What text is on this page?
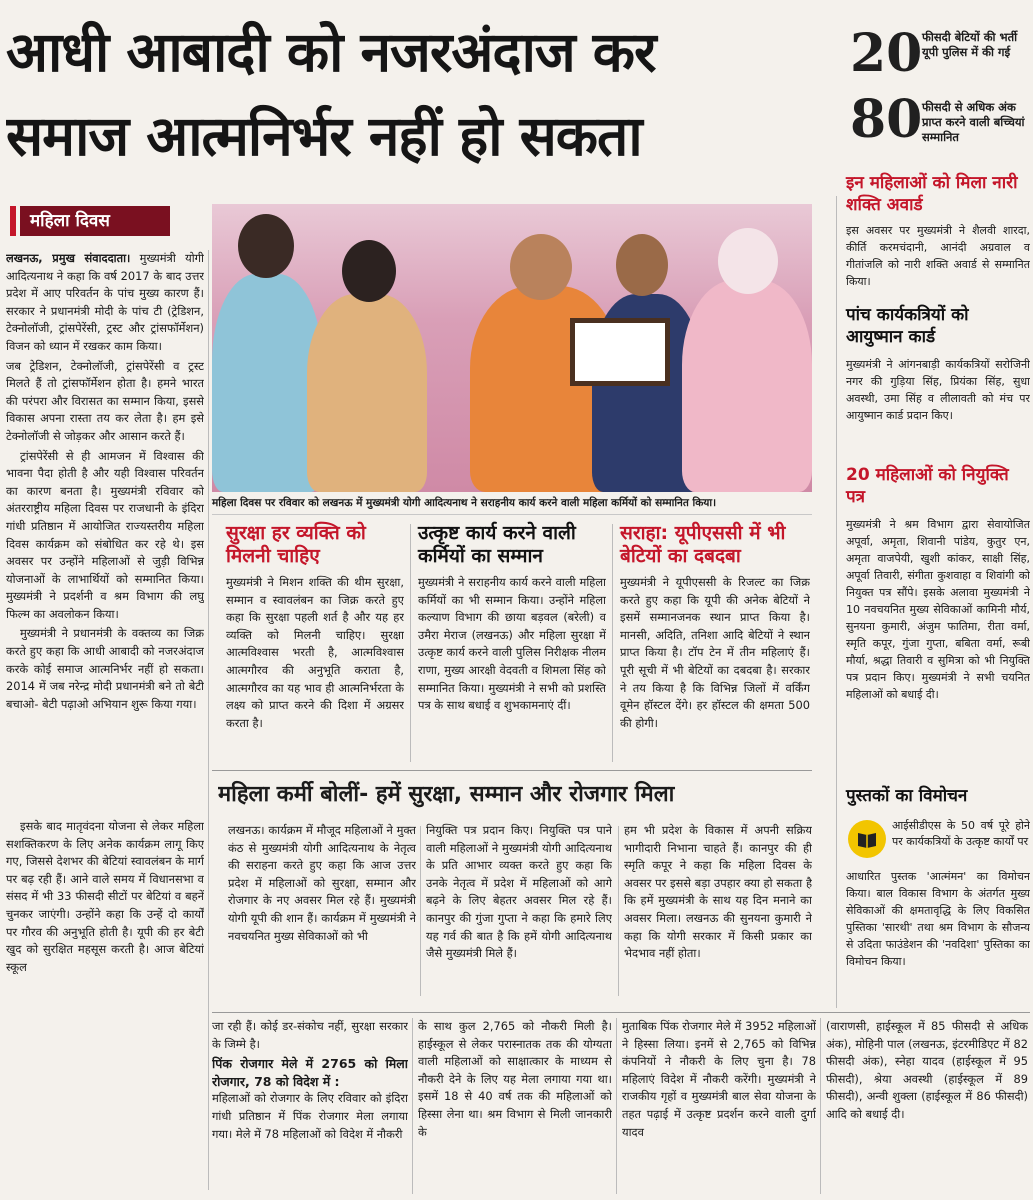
आधी आबादी को नजरअंदाज कर
समाज आत्मनिर्भर नहीं हो सकता
20 फीसदी बेटियों की भर्ती यूपी पुलिस में की गई
80 फीसदी से अधिक अंक प्राप्त करने वाली बच्चियां सम्मानित
महिला दिवस

लखनऊ, प्रमुख संवाददाता। मुख्यमंत्री योगी आदित्यनाथ ने कहा कि वर्ष 2017 के बाद उत्तर प्रदेश में आए परिवर्तन के पांच मुख्य कारण हैं। सरकार ने प्रधानमंत्री मोदी के पांच टी (ट्रेडिशन, टेक्नोलॉजी, ट्रांसपेरेंसी, ट्रस्ट और ट्रांसफॉर्मेशन) विजन को ध्यान में रखकर काम किया।

जब ट्रेडिशन, टेक्नोलॉजी, ट्रांसपेरेंसी व ट्रस्ट मिलते हैं तो ट्रांसफॉर्मेशन होता है। हमने भारत की परंपरा और विरासत का सम्मान किया, इससे विकास अपना रास्ता तय कर लेता है। हम इसे टेक्नोलॉजी से जोड़कर और आसान करते हैं।

ट्रांसपेरेंसी से ही आमजन में विश्वास की भावना पैदा होती है और यही विश्वास परिवर्तन का कारण बनता है। मुख्यमंत्री रविवार को अंतरराष्ट्रीय महिला दिवस पर राजधानी के इंदिरा गांधी प्रतिष्ठान में आयोजित राज्यस्तरीय महिला दिवस कार्यक्रम को संबोधित कर रहे थे। इस अवसर पर उन्होंने महिलाओं से जुड़ी विभिन्न योजनाओं के लाभार्थियों को सम्मानित किया। मुख्यमंत्री ने प्रदर्शनी व श्रम विभाग की लघु फिल्म का अवलोकन किया।

मुख्यमंत्री ने प्रधानमंत्री के वक्तव्य का जिक्र करते हुए कहा कि आधी आबादी को नजरअंदाज करके कोई समाज आत्मनिर्भर नहीं हो सकता। 2014 में जब नरेन्द्र मोदी प्रधानमंत्री बने तो बेटी बचाओ- बेटी पढ़ाओ अभियान शुरू किया गया।

इसके बाद मातृवंदना योजना से लेकर महिला सशक्तिकरण के लिए अनेक कार्यक्रम लागू किए गए, जिससे देशभर की बेटियां स्वावलंबन के मार्ग पर बढ़ रही हैं। आने वाले समय में विधानसभा व संसद में भी 33 फीसदी सीटों पर बेटियां व बहनें चुनकर जाएंगी। उन्होंने कहा कि उन्हें दो कार्यों पर गौरव की अनुभूति होती है। यूपी की हर बेटी खुद को सुरक्षित महसूस करती है। आज बेटियां स्कूल

महिला दिवस पर रविवार को लखनऊ में मुख्यमंत्री योगी आदित्यनाथ ने सराहनीय कार्य करने वाली महिला कर्मियों को सम्मानित किया।
सुरक्षा हर व्यक्ति को मिलनी चाहिए
मुख्यमंत्री ने मिशन शक्ति की थीम सुरक्षा, सम्मान व स्वावलंबन का जिक्र करते हुए कहा कि सुरक्षा पहली शर्त है और यह हर व्यक्ति को मिलनी चाहिए। सुरक्षा आत्मविश्वास भरती है, आत्मविश्वास आत्मगौरव की अनुभूति कराता है, आत्मगौरव का यह भाव ही आत्मनिर्भरता के लक्ष्य को प्राप्त करने की दिशा में अग्रसर करता है।
उत्कृष्ट कार्य करने वाली कर्मियों का सम्मान
मुख्यमंत्री ने सराहनीय कार्य करने वाली महिला कर्मियों का भी सम्मान किया। उन्होंने महिला कल्याण विभाग की छाया बड़वल (बरेली) व उमैरा मेराज (लखनऊ) और महिला सुरक्षा में उत्कृष्ट कार्य करने वाली पुलिस निरीक्षक नीलम राणा, मुख्य आरक्षी वेदवती व शिमला सिंह को सम्मानित किया। मुख्यमंत्री ने सभी को प्रशस्ति पत्र के साथ बधाई व शुभकामनाएं दीं।
सराहा: यूपीएससी में भी बेटियों का दबदबा
मुख्यमंत्री ने यूपीएससी के रिजल्ट का जिक्र करते हुए कहा कि यूपी की अनेक बेटियों ने इसमें सम्मानजनक स्थान प्राप्त किया है। मानसी, अदिति, तनिशा आदि बेटियों ने स्थान प्राप्त किया है। टॉप टेन में तीन महिलाएं हैं। पूरी सूची में भी बेटियों का दबदबा है। सरकार ने तय किया है कि विभिन्न जिलों में वर्किंग वूमेन हॉस्टल देंगे। हर हॉस्टल की क्षमता 500 की होगी।
महिला कर्मी बोलीं- हमें सुरक्षा, सम्मान और रोजगार मिला
लखनऊ। कार्यक्रम में मौजूद महिलाओं ने मुक्त कंठ से मुख्यमंत्री योगी आदित्यनाथ के नेतृत्व की सराहना करते हुए कहा कि आज उत्तर प्रदेश में महिलाओं को सुरक्षा, सम्मान और रोजगार के नए अवसर मिल रहे हैं। मुख्यमंत्री योगी यूपी की शान हैं। कार्यक्रम में मुख्यमंत्री ने नवचयनित मुख्य सेविकाओं को भी
नियुक्ति पत्र प्रदान किए। नियुक्ति पत्र पाने वाली महिलाओं ने मुख्यमंत्री योगी आदित्यनाथ के प्रति आभार व्यक्त करते हुए कहा कि उनके नेतृत्व में प्रदेश में महिलाओं को आगे बढ़ने के लिए बेहतर अवसर मिल रहे हैं। कानपुर की गुंजा गुप्ता ने कहा कि हमारे लिए यह गर्व की बात है कि हमें योगी आदित्यनाथ जैसे मुख्यमंत्री मिले हैं।
हम भी प्रदेश के विकास में अपनी सक्रिय भागीदारी निभाना चाहते हैं। कानपुर की ही स्मृति कपूर ने कहा कि महिला दिवस के अवसर पर इससे बड़ा उपहार क्या हो सकता है कि हमें मुख्यमंत्री के साथ यह दिन मनाने का अवसर मिला। लखनऊ की सुनयना कुमारी ने कहा कि योगी सरकार में किसी प्रकार का भेदभाव नहीं होता।
जा रही हैं। कोई डर-संकोच नहीं, सुरक्षा सरकार के जिम्मे है।
पिंक रोजगार मेले में 2765 को मिला रोजगार, 78 को विदेश में :
महिलाओं को रोजगार के लिए रविवार को इंदिरा गांधी प्रतिष्ठान में पिंक रोजगार मेला लगाया गया। मेले में 78 महिलाओं को विदेश में नौकरी
के साथ कुल 2,765 को नौकरी मिली है। हाईस्कूल से लेकर परास्नातक तक की योग्यता वाली महिलाओं को साक्षात्कार के माध्यम से नौकरी देने के लिए यह मेला लगाया गया था। इसमें 18 से 40 वर्ष तक की महिलाओं को हिस्सा लेना था। श्रम विभाग से मिली जानकारी के
मुताबिक पिंक रोजगार मेले में 3952 महिलाओं ने हिस्सा लिया। इनमें से 2,765 को विभिन्न कंपनियों ने नौकरी के लिए चुना है। 78 महिलाएं विदेश में नौकरी करेंगी। मुख्यमंत्री ने राजकीय गृहों व मुख्यमंत्री बाल सेवा योजना के तहत पढ़ाई में उत्कृष्ट प्रदर्शन करने वाली दुर्गा यादव
(वाराणसी, हाईस्कूल में 85 फीसदी से अधिक अंक), मोहिनी पाल (लखनऊ, इंटरमीडिएट में 82 फीसदी अंक), स्नेहा यादव (हाईस्कूल में 95 फीसदी), श्रेया अवस्थी (हाईस्कूल में 89 फीसदी), अन्वी शुक्ला (हाईस्कूल में 86 फीसदी) आदि को बधाई दी।
इन महिलाओं को मिला नारी शक्ति अवार्ड
इस अवसर पर मुख्यमंत्री ने शैलवी शारदा, कीर्ति करमचंदानी, आनंदी अग्रवाल व गीतांजलि को नारी शक्ति अवार्ड से सम्मानित किया।
पांच कार्यकत्रियों को आयुष्मान कार्ड
मुख्यमंत्री ने आंगनबाड़ी कार्यकत्रियों सरोजिनी नगर की गुड़िया सिंह, प्रियंका सिंह, सुधा अवस्थी, उमा सिंह व लीलावती को मंच पर आयुष्मान कार्ड प्रदान किए।
20 महिलाओं को नियुक्ति पत्र
मुख्यमंत्री ने श्रम विभाग द्वारा सेवायोजित अपूर्वा, अमृता, शिवानी पांडेय, कुतुर एन, अमृता वाजपेयी, खुशी कांकर, साक्षी सिंह, अपूर्वा तिवारी, संगीता कुशवाहा व शिवांगी को नियुक्त पत्र सौंपे। इसके अलावा मुख्यमंत्री ने 10 नवचयनित मुख्य सेविकाओं कामिनी मौर्य, सुनयना कुमारी, अंजुम फातिमा, रीता वर्मा, स्मृति कपूर, गुंजा गुप्ता, बबिता वर्मा, रूबी मौर्या, श्रद्धा तिवारी व सुमित्रा को भी नियुक्ति पत्र प्रदान किए। मुख्यमंत्री ने सभी चयनित महिलाओं को बधाई दी।
पुस्तकों का विमोचन
आईसीडीएस के 50 वर्ष पूरे होने पर कार्यकत्रियों के उत्कृष्ट कार्यों पर
आधारित पुस्तक 'आत्मंमन' का विमोचन किया। बाल विकास विभाग के अंतर्गत मुख्य सेविकाओं की क्षमतावृद्धि के लिए विकसित पुस्तिका 'सारथी' तथा श्रम विभाग के सौजन्य से उदिता फाउंडेशन की 'नवदिशा' पुस्तिका का विमोचन किया।
